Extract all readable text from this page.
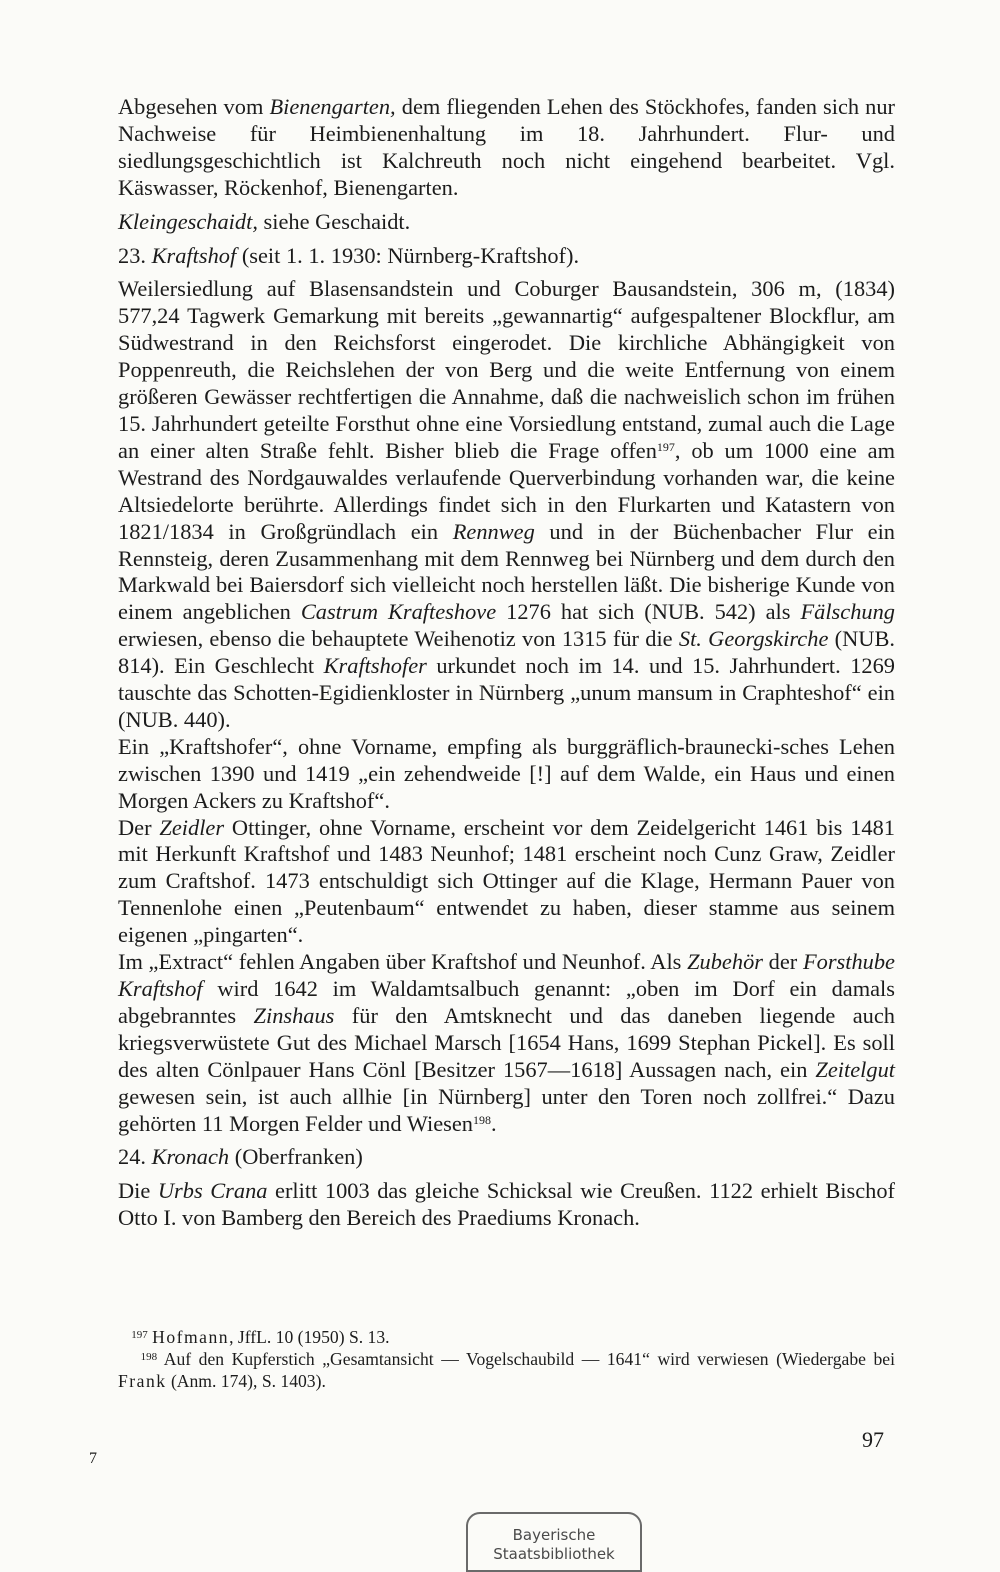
Abgesehen vom Bienengarten, dem fliegenden Lehen des Stöckhofes, fanden sich nur Nachweise für Heimbienenhaltung im 18. Jahrhundert. Flur- und siedlungsgeschichtlich ist Kalchreuth noch nicht eingehend bearbeitet. Vgl. Käswasser, Röckenhof, Bienengarten.

Kleingeschaidt, siehe Geschaidt.

23. Kraftshof (seit 1. 1. 1930: Nürnberg-Kraftshof).

Weilersiedlung auf Blasensandstein und Coburger Bausandstein, 306 m, (1834) 577,24 Tagwerk Gemarkung mit bereits „gewannartig“ aufgespaltener Blockflur, am Südwestrand in den Reichsforst eingerodet. Die kirchliche Abhängigkeit von Poppenreuth, die Reichslehen der von Berg und die weite Entfernung von einem größeren Gewässer rechtfertigen die Annahme, daß die nachweislich schon im frühen 15. Jahrhundert geteilte Forsthut ohne eine Vorsiedlung entstand, zumal auch die Lage an einer alten Straße fehlt. Bisher blieb die Frage offen$^{197}$, ob um 1000 eine am Westrand des Nordgauwaldes verlaufende Querverbindung vorhanden war, die keine Altsiedelorte berührte. Allerdings findet sich in den Flurkarten und Katastern von 1821/1834 in Großgründlach ein Rennweg und in der Büchenbacher Flur ein Rennsteig, deren Zusammenhang mit dem Rennweg bei Nürnberg und dem durch den Markwald bei Baiersdorf sich vielleicht noch herstellen läßt. Die bisherige Kunde von einem angeblichen Castrum Krafteshove 1276 hat sich (NUB. 542) als Fälschung erwiesen, ebenso die behauptete Weihenotiz von 1315 für die St. Georgskirche (NUB. 814). Ein Geschlecht Kraftshofer urkundet noch im 14. und 15. Jahrhundert. 1269 tauschte das Schotten-Egidienkloster in Nürnberg „unum mansum in Craphteshof“ ein (NUB. 440).

Ein „Kraftshofer“, ohne Vorname, empfing als burggräflich-braunecki-sches Lehen zwischen 1390 und 1419 „ein zehendweide [!] auf dem Walde, ein Haus und einen Morgen Ackers zu Kraftshof“.

Der Zeidler Ottinger, ohne Vorname, erscheint vor dem Zeidelgericht 1461 bis 1481 mit Herkunft Kraftshof und 1483 Neunhof; 1481 erscheint noch Cunz Graw, Zeidler zum Craftshof. 1473 entschuldigt sich Ottinger auf die Klage, Hermann Pauer von Tennenlohe einen „Peutenbaum“ entwendet zu haben, dieser stamme aus seinem eigenen „pingarten“.

Im „Extract“ fehlen Angaben über Kraftshof und Neunhof. Als Zubehör der Forsthube Kraftshof wird 1642 im Waldamtsalbuch genannt: „oben im Dorf ein damals abgebranntes Zinshaus für den Amtsknecht und das daneben liegende auch kriegsverwüstete Gut des Michael Marsch [1654 Hans, 1699 Stephan Pickel]. Es soll des alten Cönlpauer Hans Cönl [Besitzer 1567—1618] Aussagen nach, ein Zeitelgut gewesen sein, ist auch allhie [in Nürnberg] unter den Toren noch zollfrei.“ Dazu gehörten 11 Morgen Felder und Wiesen$^{198}$.

24. Kronach (Oberfranken)

Die Urbs Crana erlitt 1003 das gleiche Schicksal wie Creußen. 1122 erhielt Bischof Otto I. von Bamberg den Bereich des Praediums Kronach.

$^{197}$ Hofmann, JffL. 10 (1950) S. 13.

$^{198}$ Auf den Kupferstich „Gesamtansicht — Vogelschaubild — 1641“ wird verwiesen (Wiedergabe bei Frank (Anm. 174), S. 1403).

97
7
Bayerische
Staatsbibliothek
